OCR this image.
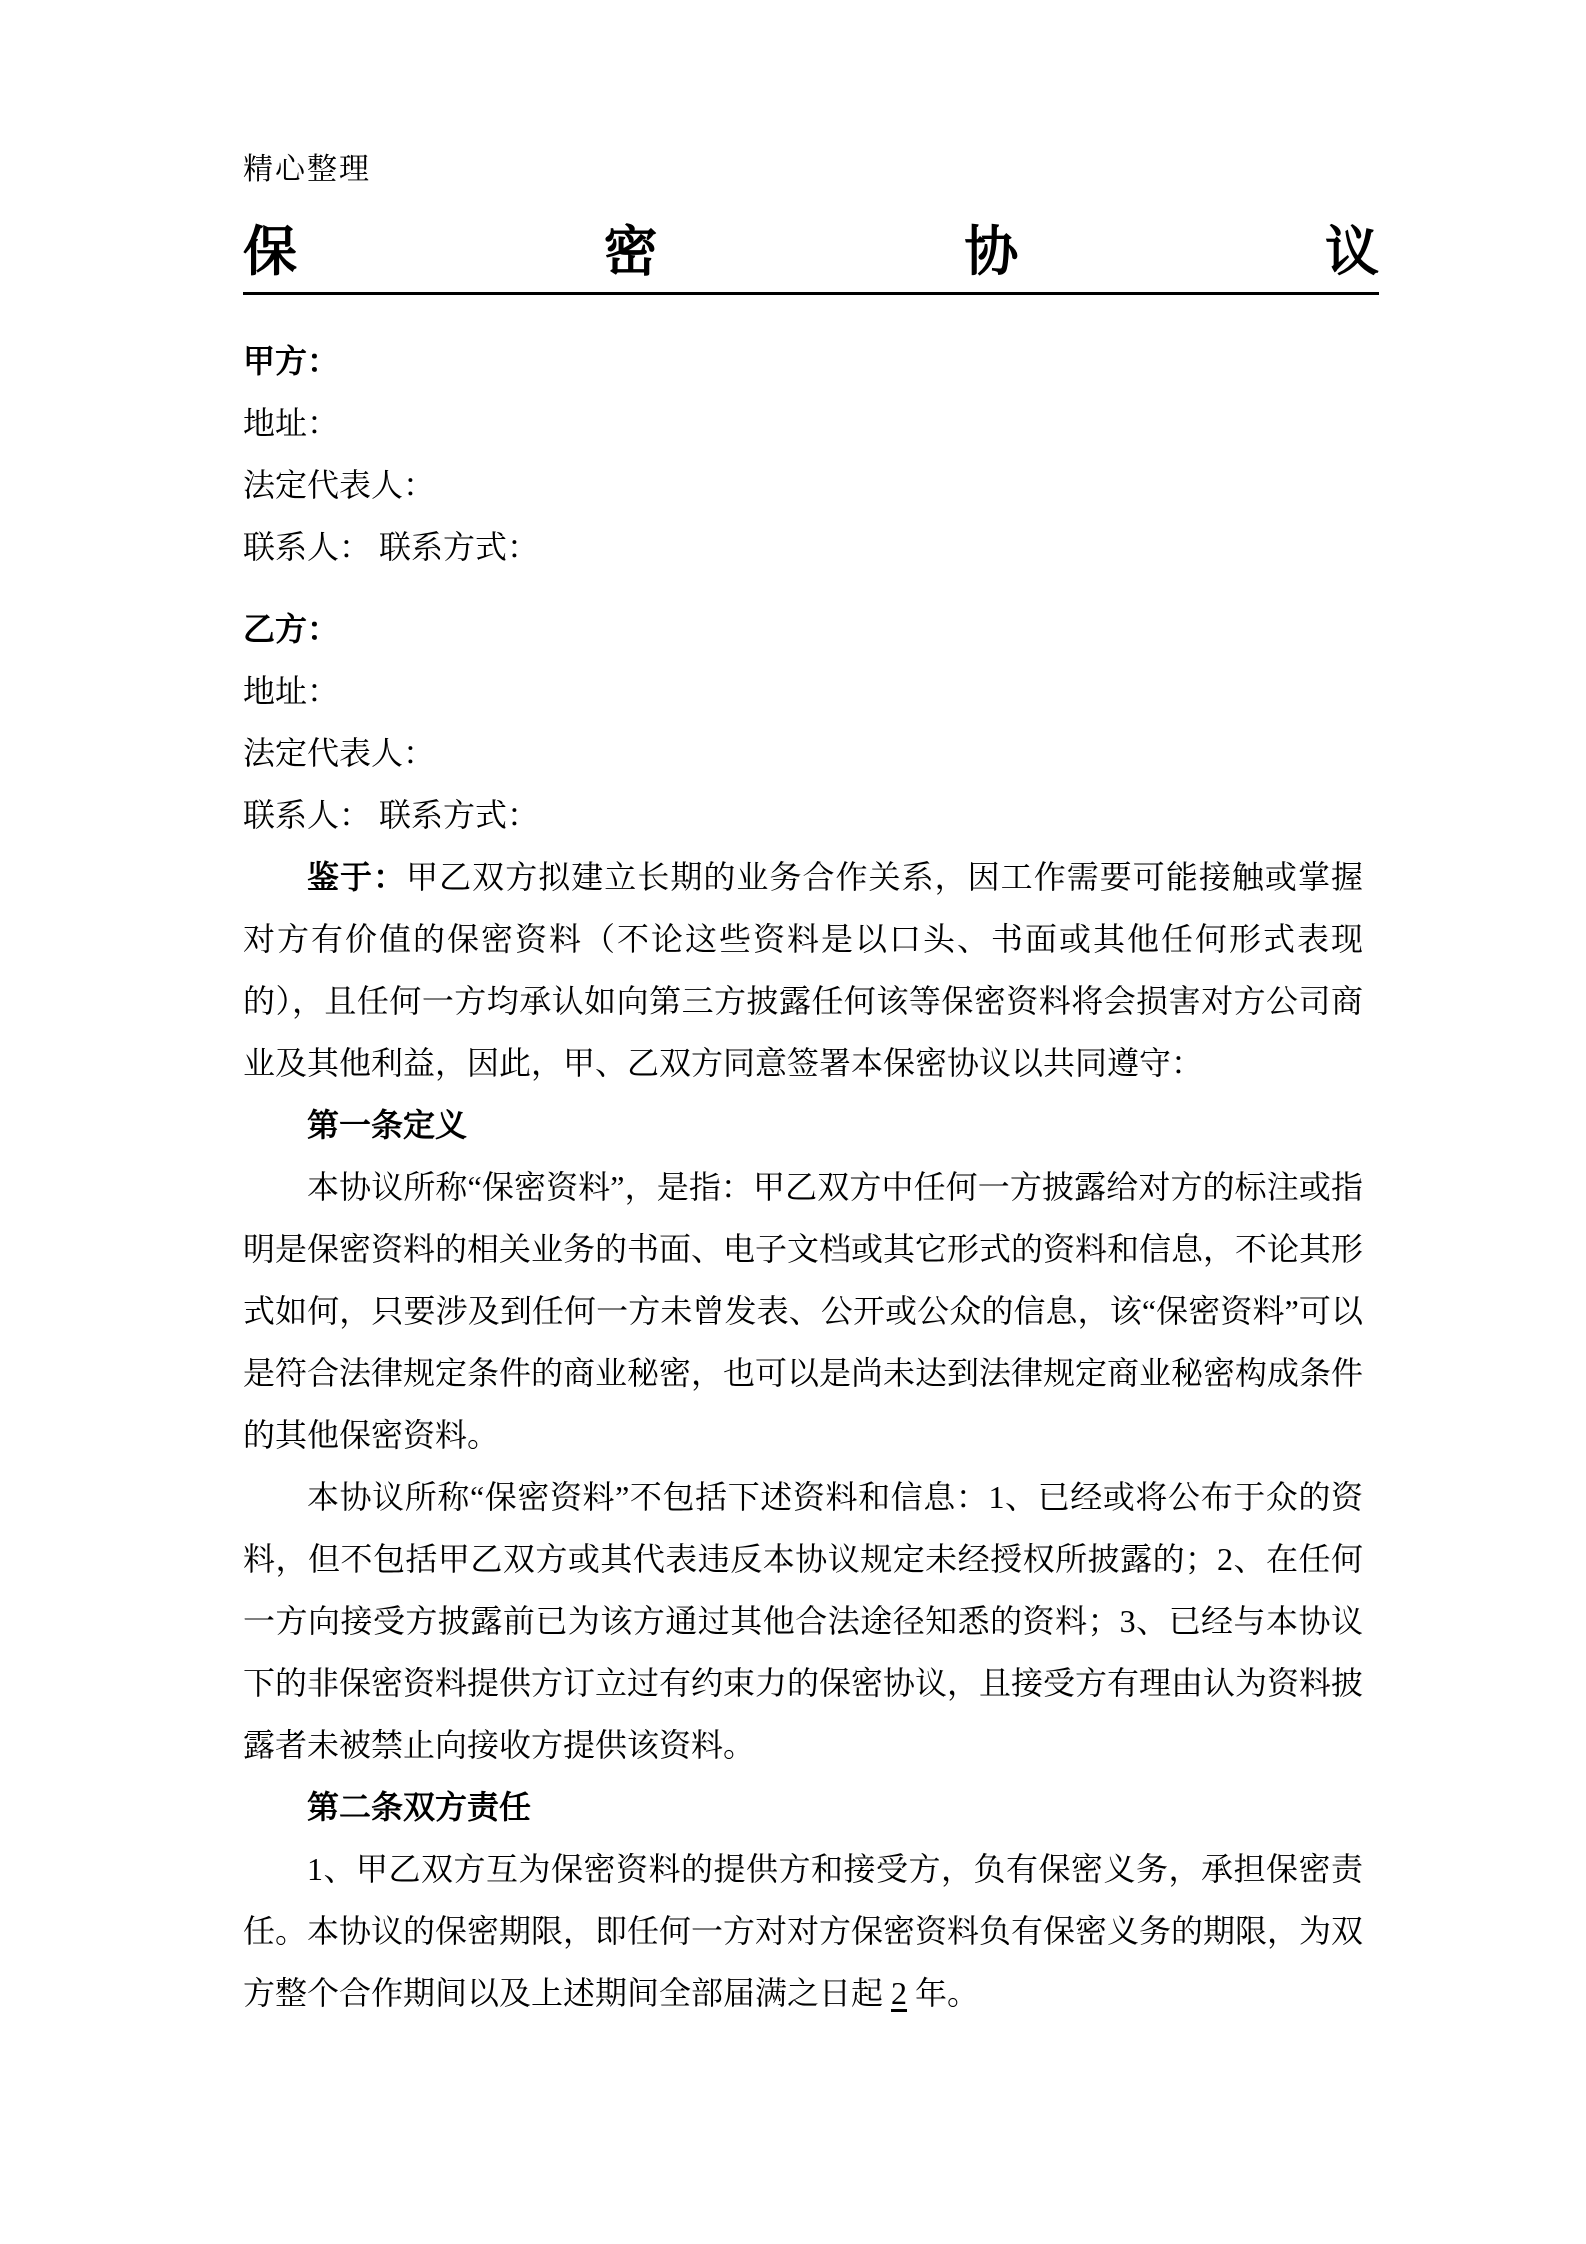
精心整理
保	密	协	议
甲方：
地址：
法定代表人：
联系人： 联系方式：
乙方：
地址：
法定代表人：
联系人： 联系方式：

鉴于：甲乙双方拟建立长期的业务合作关系，因工作需要可能接触或掌握对方有价值的保密资料（不论这些资料是以口头、书面或其他任何形式表现的），且任何一方均承认如向第三方披露任何该等保密资料将会损害对方公司商业及其他利益，因此，甲、乙双方同意签署本保密协议以共同遵守：

第一条定义

本协议所称“保密资料”，是指：甲乙双方中任何一方披露给对方的标注或指明是保密资料的相关业务的书面、电子文档或其它形式的资料和信息，不论其形式如何，只要涉及到任何一方未曾发表、公开或公众的信息，该“保密资料”可以是符合法律规定条件的商业秘密，也可以是尚未达到法律规定商业秘密构成条件的其他保密资料。

本协议所称“保密资料”不包括下述资料和信息：1、已经或将公布于众的资料，但不包括甲乙双方或其代表违反本协议规定未经授权所披露的；2、在任何一方向接受方披露前已为该方通过其他合法途径知悉的资料；3、已经与本协议下的非保密资料提供方订立过有约束力的保密协议，且接受方有理由认为资料披露者未被禁止向接收方提供该资料。

第二条双方责任

1、甲乙双方互为保密资料的提供方和接受方，负有保密义务，承担保密责任。本协议的保密期限，即任何一方对对方保密资料负有保密义务的期限，为双方整个合作期间以及上述期间全部届满之日起 2 年。
